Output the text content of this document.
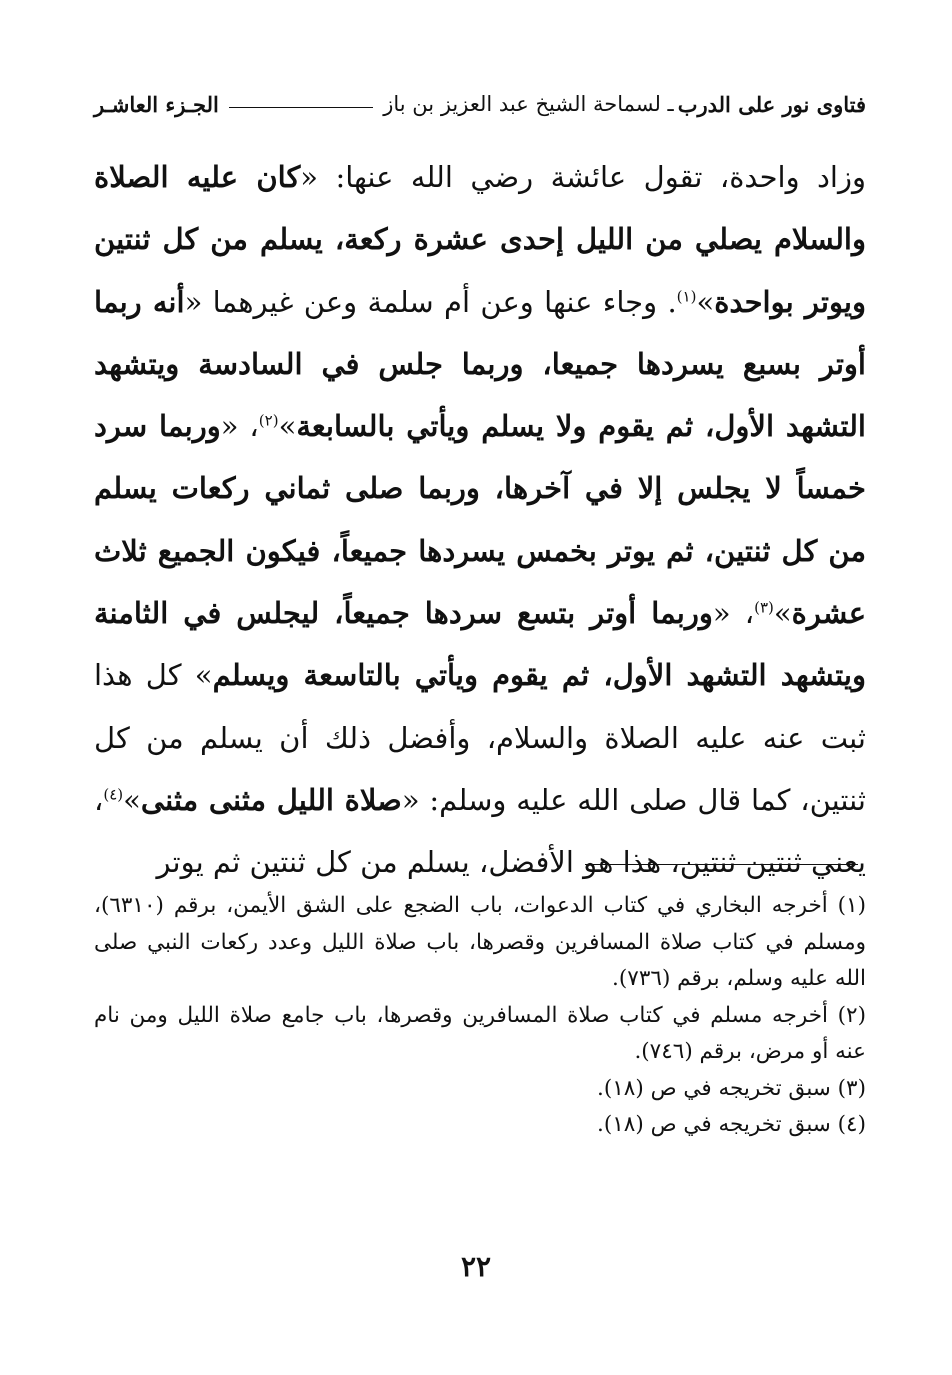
فتاوى نور على الدرب
ـ لسماحة الشيخ عبد العزيز بن باز
الجـزء العاشـر

وزاد واحدة، تقول عائشة رضي الله عنها: «كان عليه الصلاة والسلام يصلي من الليل إحدى عشرة ركعة، يسلم من كل ثنتين ويوتر بواحدة»$^{(١)}$. وجاء عنها وعن أم سلمة وعن غيرهما «أنه ربما أوتر بسبع يسردها جميعا، وربما جلس في السادسة ويتشهد التشهد الأول، ثم يقوم ولا يسلم ويأتي بالسابعة»$^{(٢)}$، «وربما سرد خمساً لا يجلس إلا في آخرها، وربما صلى ثماني ركعات يسلم من كل ثنتين، ثم يوتر بخمس يسردها جميعاً، فيكون الجميع ثلاث عشرة»$^{(٣)}$، «وربما أوتر بتسع سردها جميعاً، ليجلس في الثامنة ويتشهد التشهد الأول، ثم يقوم ويأتي بالتاسعة ويسلم» كل هذا ثبت عنه عليه الصلاة والسلام، وأفضل ذلك أن يسلم من كل ثنتين، كما قال صلى الله عليه وسلم: «صلاة الليل مثنى مثنى»$^{(٤)}$، يعني ثنتين ثنتين، هذا هو الأفضل، يسلم من كل ثنتين ثم يوتر

(١) أخرجه البخاري في كتاب الدعوات، باب الضجع على الشق الأيمن، برقم (٦٣١٠)، ومسلم في كتاب صلاة المسافرين وقصرها، باب صلاة الليل وعدد ركعات النبي صلى الله عليه وسلم، برقم (٧٣٦).

(٢) أخرجه مسلم في كتاب صلاة المسافرين وقصرها، باب جامع صلاة الليل ومن نام عنه أو مرض، برقم (٧٤٦).

(٣) سبق تخريجه في ص (١٨).

(٤) سبق تخريجه في ص (١٨).

٢٢
